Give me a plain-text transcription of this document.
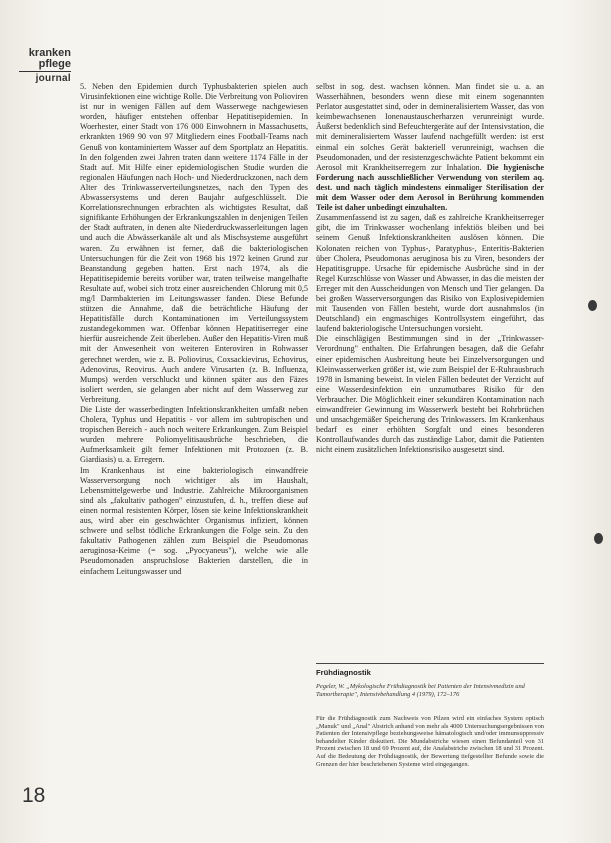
kranken
pflege
journal

5. Neben den Epidemien durch Typhusbakterien spielen auch Virusinfektionen eine wichtige Rolle. Die Verbreitung von Polioviren ist nur in wenigen Fällen auf dem Wasserwege nachgewiesen worden, häufiger entstehen offenbar Hepatitisepidemien. In Woerhester, einer Stadt von 176 000 Einwohnern in Massachusetts, erkrankten 1969 90 von 97 Mitgliedern eines Football-Teams nach Genuß von kontaminiertem Wasser auf dem Sportplatz an Hepatitis. In den folgenden zwei Jahren traten dann weitere 1174 Fälle in der Stadt auf. Mit Hilfe einer epidemiologischen Studie wurden die regionalen Häufungen nach Hoch- und Niederdruckzonen, nach dem Alter des Trinkwasserverteilungsnetzes, nach den Typen des Abwassersystems und deren Baujahr aufgeschlüsselt. Die Korrelationsrechnungen erbrachten als wichtigstes Resultat, daß signifikante Erhöhungen der Erkrankungszahlen in denjenigen Teilen der Stadt auftraten, in denen alte Niederdruckwasserleitungen lagen und auch die Abwässerkanäle alt und als Mischsysteme ausgeführt waren. Zu erwähnen ist ferner, daß die bakteriologischen Untersuchungen für die Zeit von 1968 bis 1972 keinen Grund zur Beanstandung gegeben hatten. Erst nach 1974, als die Hepatitisepidemie bereits vorüber war, traten teilweise mangelhafte Resultate auf, wobei sich trotz einer ausreichenden Chlorung mit 0,5 mg/l Darmbakterien im Leitungswasser fanden. Diese Befunde stützen die Annahme, daß die beträchtliche Häufung der Hepatitisfälle durch Kontaminationen im Verteilungssystem zustandegekommen war. Offenbar können Hepatitiserreger eine hierfür ausreichende Zeit überleben. Außer den Hepatitis-Viren muß mit der Anwesenheit von weiteren Enteroviren in Rohwasser gerechnet werden, wie z. B. Poliovirus, Coxsackievirus, Echovirus, Adenovirus, Reovirus. Auch andere Virusarten (z. B. Influenza, Mumps) werden verschluckt und können später aus den Fäzes isoliert werden, sie gelangen aber nicht auf dem Wasserweg zur Verbreitung.

Die Liste der wasserbedingten Infektionskrankheiten umfaßt neben Cholera, Typhus und Hepatitis - vor allem im subtropischen und tropischen Bereich - auch noch weitere Erkrankungen. Zum Beispiel wurden mehrere Poliomyelitisausbrüche beschrieben, die Aufmerksamkeit gilt ferner Infektionen mit Protozoen (z. B. Giardiasis) u. a. Erregern.

Im Krankenhaus ist eine bakteriologisch einwandfreie Wasserversorgung noch wichtiger als im Haushalt, Lebensmittelgewerbe und Industrie. Zahlreiche Mikroorganismen sind als „fakultativ pathogen" einzustufen, d. h., treffen diese auf einen normal resistenten Körper, lösen sie keine Infektionskrankheit aus, wird aber ein geschwächter Organismus infiziert, können schwere und selbst tödliche Erkrankungen die Folge sein. Zu den fakultativ Pathogenen zählen zum Beispiel die Pseudomonas aeruginosa-Keime (= sog. „Pyocyaneus"), welche wie alle Pseudomonaden anspruchslose Bakterien darstellen, die in einfachem Leitungswasser und

selbst in sog. dest. wachsen können. Man findet sie u. a. an Wasserhähnen, besonders wenn diese mit einem sogenannten Perlator ausgestattet sind, oder in demineralisiertem Wasser, das von keimbewachsenen Ionenaustauscherharzen verunreinigt wurde. Äußerst bedenklich sind Befeuchtergeräte auf der Intensivstation, die mit demineralisiertem Wasser laufend nachgefüllt werden: ist erst einmal ein solches Gerät bakteriell verunreinigt, wachsen die Pseudomonaden, und der resistenzgeschwächte Patient bekommt ein Aerosol mit Krankheitserregern zur Inhalation. Die hygienische Forderung nach ausschließlicher Verwendung von sterilem aq. dest. und nach täglich mindestens einmaliger Sterilisation der mit dem Wasser oder dem Aerosol in Berührung kommenden Teile ist daher unbedingt einzuhalten.

Zusammenfassend ist zu sagen, daß es zahlreiche Krankheitserreger gibt, die im Trinkwasser wochenlang infektiös bleiben und bei seinem Genuß Infektionskrankheiten auslösen können. Die Kolonaten reichen von Typhus-, Paratyphus-, Enteritis-Bakterien über Cholera, Pseudomonas aeruginosa bis zu Viren, besonders der Hepatitisgruppe. Ursache für epidemische Ausbrüche sind in der Regel Kurzschlüsse von Wasser und Abwasser, in das die meisten der Erreger mit den Ausscheidungen von Mensch und Tier gelangen. Da bei großen Wasserversorgungen das Risiko von Explosivepidemien mit Tausenden von Fällen besteht, wurde dort ausnahmslos (in Deutschland) ein engmaschiges Kontrollsystem eingeführt, das laufend bakteriologische Untersuchungen vorsieht.

Die einschlägigen Bestimmungen sind in der „Trinkwasser-Verordnung" enthalten. Die Erfahrungen besagen, daß die Gefahr einer epidemischen Ausbreitung heute bei Einzelversorgungen und Kleinwasserwerken größer ist, wie zum Beispiel der E-Ruhrausbruch 1978 in Ismaning beweist. In vielen Fällen bedeutet der Verzicht auf eine Wasserdesinfektion ein unzumutbares Risiko für den Verbraucher. Die Möglichkeit einer sekundären Kontamination nach einwandfreier Gewinnung im Wasserwerk besteht bei Rohrbrüchen und unsachgemäßer Speicherung des Trinkwassers. Im Krankenhaus bedarf es einer erhöhten Sorgfalt und eines besonderen Kontrollaufwandes durch das zuständige Labor, damit die Patienten nicht einem zusätzlichen Infektionsrisiko ausgesetzt sind.

Frühdiagnostik
Pegeler, W. „Mykologische Frühdiagnostik bei Patienten der Intensivmedizin und Tumortherapie", Intensivbehandlung 4 (1979), 172–176
Für die Frühdiagnostik zum Nachweis von Pilzen wird ein einfaches System optisch „Manuk" und „Anal" Abstrich anhand von mehr als 4000 Untersuchungsergebnissen von Patienten der Intensivpflege beziehungsweise hämatologisch und/oder immunsuppressiv behandelter Kinder diskutiert. Die Mundabstriche wiesen einen Befundanteil von 31 Prozent zwischen 18 und 69 Prozent auf, die Analabstriche zwischen 18 und 31 Prozent. Auf die Bedeutung der Frühdiagnostik, der Bewertung tiefgestellter Befunde sowie die Grenzen der hier beschriebenen Systeme wird eingegangen.
18
